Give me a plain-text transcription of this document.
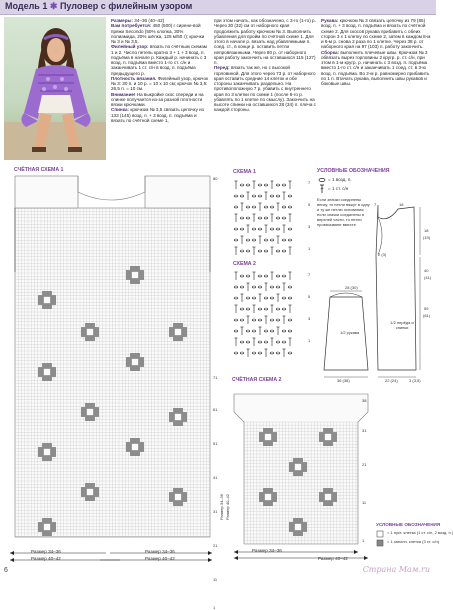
Модель 1 ✱ Пуловер с филейным узором

Размеры: 34–36 (40–42)

Вам потребуется: 450 (500) г сирене-вой пряжи Secondo (50% хлопка, 30% полиамида, 20% шёлка, 125 м/50 г); крючки № 3 и № 3,5.

Филейный узор: вязать по счётным схемам 1 и 2. Число петель кратно 3 + 1 + 3 возд. п. подъёма в начале р. Каждый р. начинать с 3 возд. п. подъёма вместо 1-го ст. с/н и заканчивать 1 ст. с/н в возд. п. подъёма предыдущего р.

Плотность вязания. Филейный узор, крючок № 3: 30 п. и 10 р. = 10 х 10 см; крючок № 3,5: 26,5 п. = 10 см.

Внимание! На выкройке скос спереди и на спинке получается из-за разной плотности вязки крючками.

Спинка: крючком № 3,5 связать цепочку из 133 (145) возд. п. + 3 возд. п. подъёма и вязать по счётной схеме 1,

при этом начать, как обозначено, с 3-го (1-го) р. Через 30 (32) см от наборного края продолжить работу крючком № 3. Выполнить убавления для пройм по счётной схеме 1. Для этого в начале р. вязать над убавляемыми п. соед. ст., в конце р. оставить петли непровязанными. Через 80 р. от наборного края работу закончить на оставшихся 115 (127) п.

Перед: вязать так же, но с высокой горловиной. Для этого через 73 р. от наборного края оставить средние 14 клеток и обе стороны заканчивать раздельно. На противоположную 7 р. убавить с внутреннего края по 3 клетки по схеме 1 (после 6-го р. убавлять по 1 клетке по смыслу). Закончить на высоте спинки на оставшихся 28 (34) п. плеча с каждой стороны.

Рукава: крючком № 3 связать цепочку из 79 (85) возд. п. + 3 возд. п. подъёма и вязать по счётной схеме 2. Для скосов рукава прибавить с обеих сторон 3 х 1 клетку по схеме 2, затем в каждом 8-м и 6-м р. снова 2 раза по 1 клетке. Через 38 р. от наборного края на 97 (103) п. работу закончить.

Сборка: выполнить плечевые швы. Крючком № 3 обвязать вырез горловины 2 кругр. р. ст. с/н, при этом в 1-м кругр. р. начинать с 3 возд. п. подъёма вместо 1-го ст. с/н и заканчивать 1 соед. ст. в 3-ю возд. п. подъёма. Во 2-м р. равномерно прибавить по 1 п. Втачать рукава, выполнить швы рукавов и боковые швы.

СЧЁТНАЯ СХЕМА 1	СХЕМА 1
СХЕМА 2
СЧЁТНАЯ СХЕМА 2
УСЛОВНЫЕ ОБОЗНАЧЕНИЯ
УСЛОВНЫЕ ОБОЗНАЧЕНИЯ
80
71
61
51
41
31
21
11
1
Размер 34–36
Размер 40–42
Размер 34–36
Размер 40–42
Размер 34–36 Размер 40–42
7
5
3
1
7
5
3
1
= 1 возд. п.
= 1 ст. с/н
Если значки соединены внизу, то петли вяжут в одну и ту же петлю основания; если значки соединены в верхней части, то петли провязывают вместе.
7	18
18
(19)
2 (3)
40
(41)
59
(61)
28 (30)
36 (38)	22 (24)	3 (3,5)
1/2 перёда и спинки
1/2 рукава
38
31
21
11
1
Размер 34–36
Размер 40–42
= 1 пуст. клетка (1 ст. с/н, 2 возд. п.)
= 1 заполн. клетка (3 ст. с/н)
6	Страна Мам.ru
